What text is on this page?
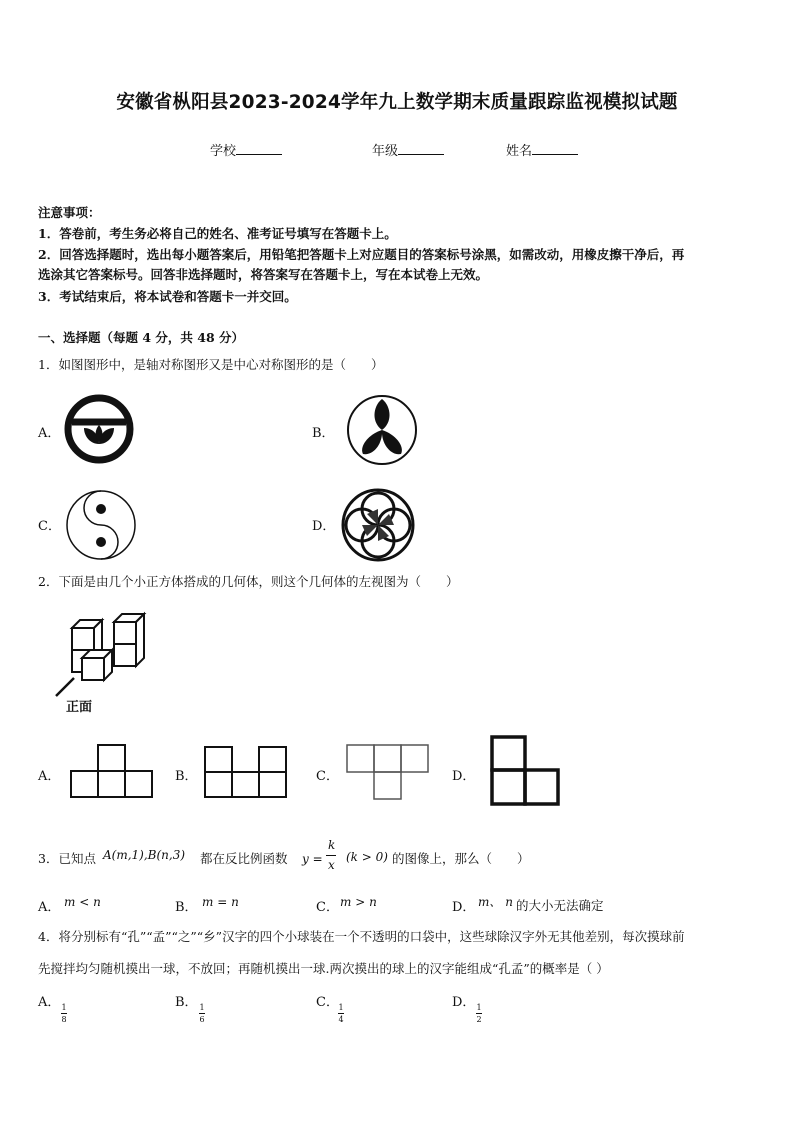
安徽省枞阳县2023-2024学年九上数学期末质量跟踪监视模拟试题
学校	年级	姓名
注意事项：
1．答卷前，考生务必将自己的姓名、准考证号填写在答题卡上。
2．回答选择题时，选出每小题答案后，用铅笔把答题卡上对应题目的答案标号涂黑，如需改动，用橡皮擦干净后，再
选涂其它答案标号。回答非选择题时，将答案写在答题卡上，写在本试卷上无效。
3．考试结束后，将本试卷和答题卡一并交回。
一、选择题（每题 4 分，共 48 分）
1．如图图形中，是轴对称图形又是中心对称图形的是（　　）
A．	B．
C．	D．
2．下面是由几个小正方体搭成的几何体，则这个几何体的左视图为（　　）
正面
A．	B．	C．	D．
3．已知点 A(m,1),B(n,3) 都在反比例函数 y =
k
x
(k > 0) 的图像上，那么（　　）
A． m < n	B． m = n	C． m > n	D． m、 n 的大小无法确定
4．将分别标有“孔”“孟”“之”“乡”汉字的四个小球装在一个不透明的口袋中，这些球除汉字外无其他差别，每次摸球前
先搅拌均匀随机摸出一球，不放回；再随机摸出一球.两次摸出的球上的汉字能组成“孔孟”的概率是（ ）
A． 1
8
B． 1
6
C． 1
4
D． 1
2
